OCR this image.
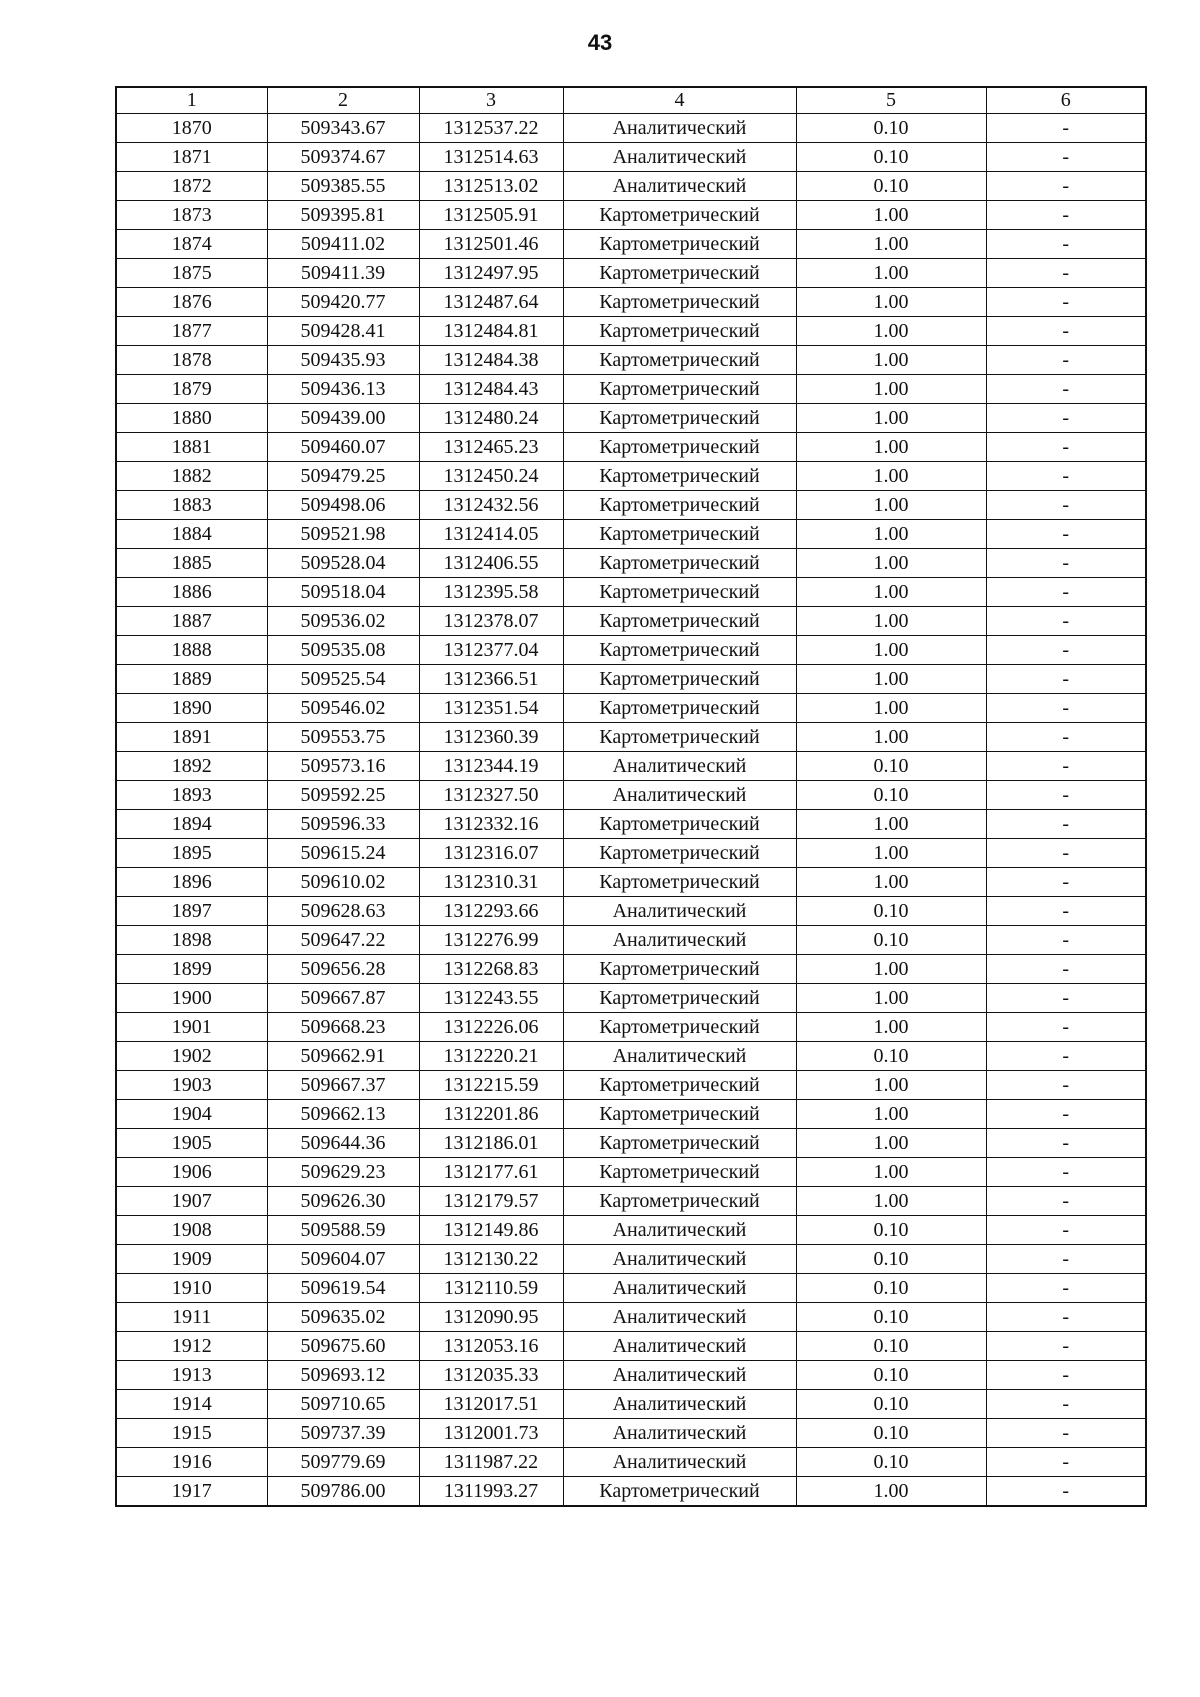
43
1	2	3	4	5	6
1870	509343.67	1312537.22	Аналитический	0.10	-
1871	509374.67	1312514.63	Аналитический	0.10	-
1872	509385.55	1312513.02	Аналитический	0.10	-
1873	509395.81	1312505.91	Картометрический	1.00	-
1874	509411.02	1312501.46	Картометрический	1.00	-
1875	509411.39	1312497.95	Картометрический	1.00	-
1876	509420.77	1312487.64	Картометрический	1.00	-
1877	509428.41	1312484.81	Картометрический	1.00	-
1878	509435.93	1312484.38	Картометрический	1.00	-
1879	509436.13	1312484.43	Картометрический	1.00	-
1880	509439.00	1312480.24	Картометрический	1.00	-
1881	509460.07	1312465.23	Картометрический	1.00	-
1882	509479.25	1312450.24	Картометрический	1.00	-
1883	509498.06	1312432.56	Картометрический	1.00	-
1884	509521.98	1312414.05	Картометрический	1.00	-
1885	509528.04	1312406.55	Картометрический	1.00	-
1886	509518.04	1312395.58	Картометрический	1.00	-
1887	509536.02	1312378.07	Картометрический	1.00	-
1888	509535.08	1312377.04	Картометрический	1.00	-
1889	509525.54	1312366.51	Картометрический	1.00	-
1890	509546.02	1312351.54	Картометрический	1.00	-
1891	509553.75	1312360.39	Картометрический	1.00	-
1892	509573.16	1312344.19	Аналитический	0.10	-
1893	509592.25	1312327.50	Аналитический	0.10	-
1894	509596.33	1312332.16	Картометрический	1.00	-
1895	509615.24	1312316.07	Картометрический	1.00	-
1896	509610.02	1312310.31	Картометрический	1.00	-
1897	509628.63	1312293.66	Аналитический	0.10	-
1898	509647.22	1312276.99	Аналитический	0.10	-
1899	509656.28	1312268.83	Картометрический	1.00	-
1900	509667.87	1312243.55	Картометрический	1.00	-
1901	509668.23	1312226.06	Картометрический	1.00	-
1902	509662.91	1312220.21	Аналитический	0.10	-
1903	509667.37	1312215.59	Картометрический	1.00	-
1904	509662.13	1312201.86	Картометрический	1.00	-
1905	509644.36	1312186.01	Картометрический	1.00	-
1906	509629.23	1312177.61	Картометрический	1.00	-
1907	509626.30	1312179.57	Картометрический	1.00	-
1908	509588.59	1312149.86	Аналитический	0.10	-
1909	509604.07	1312130.22	Аналитический	0.10	-
1910	509619.54	1312110.59	Аналитический	0.10	-
1911	509635.02	1312090.95	Аналитический	0.10	-
1912	509675.60	1312053.16	Аналитический	0.10	-
1913	509693.12	1312035.33	Аналитический	0.10	-
1914	509710.65	1312017.51	Аналитический	0.10	-
1915	509737.39	1312001.73	Аналитический	0.10	-
1916	509779.69	1311987.22	Аналитический	0.10	-
1917	509786.00	1311993.27	Картометрический	1.00	-
